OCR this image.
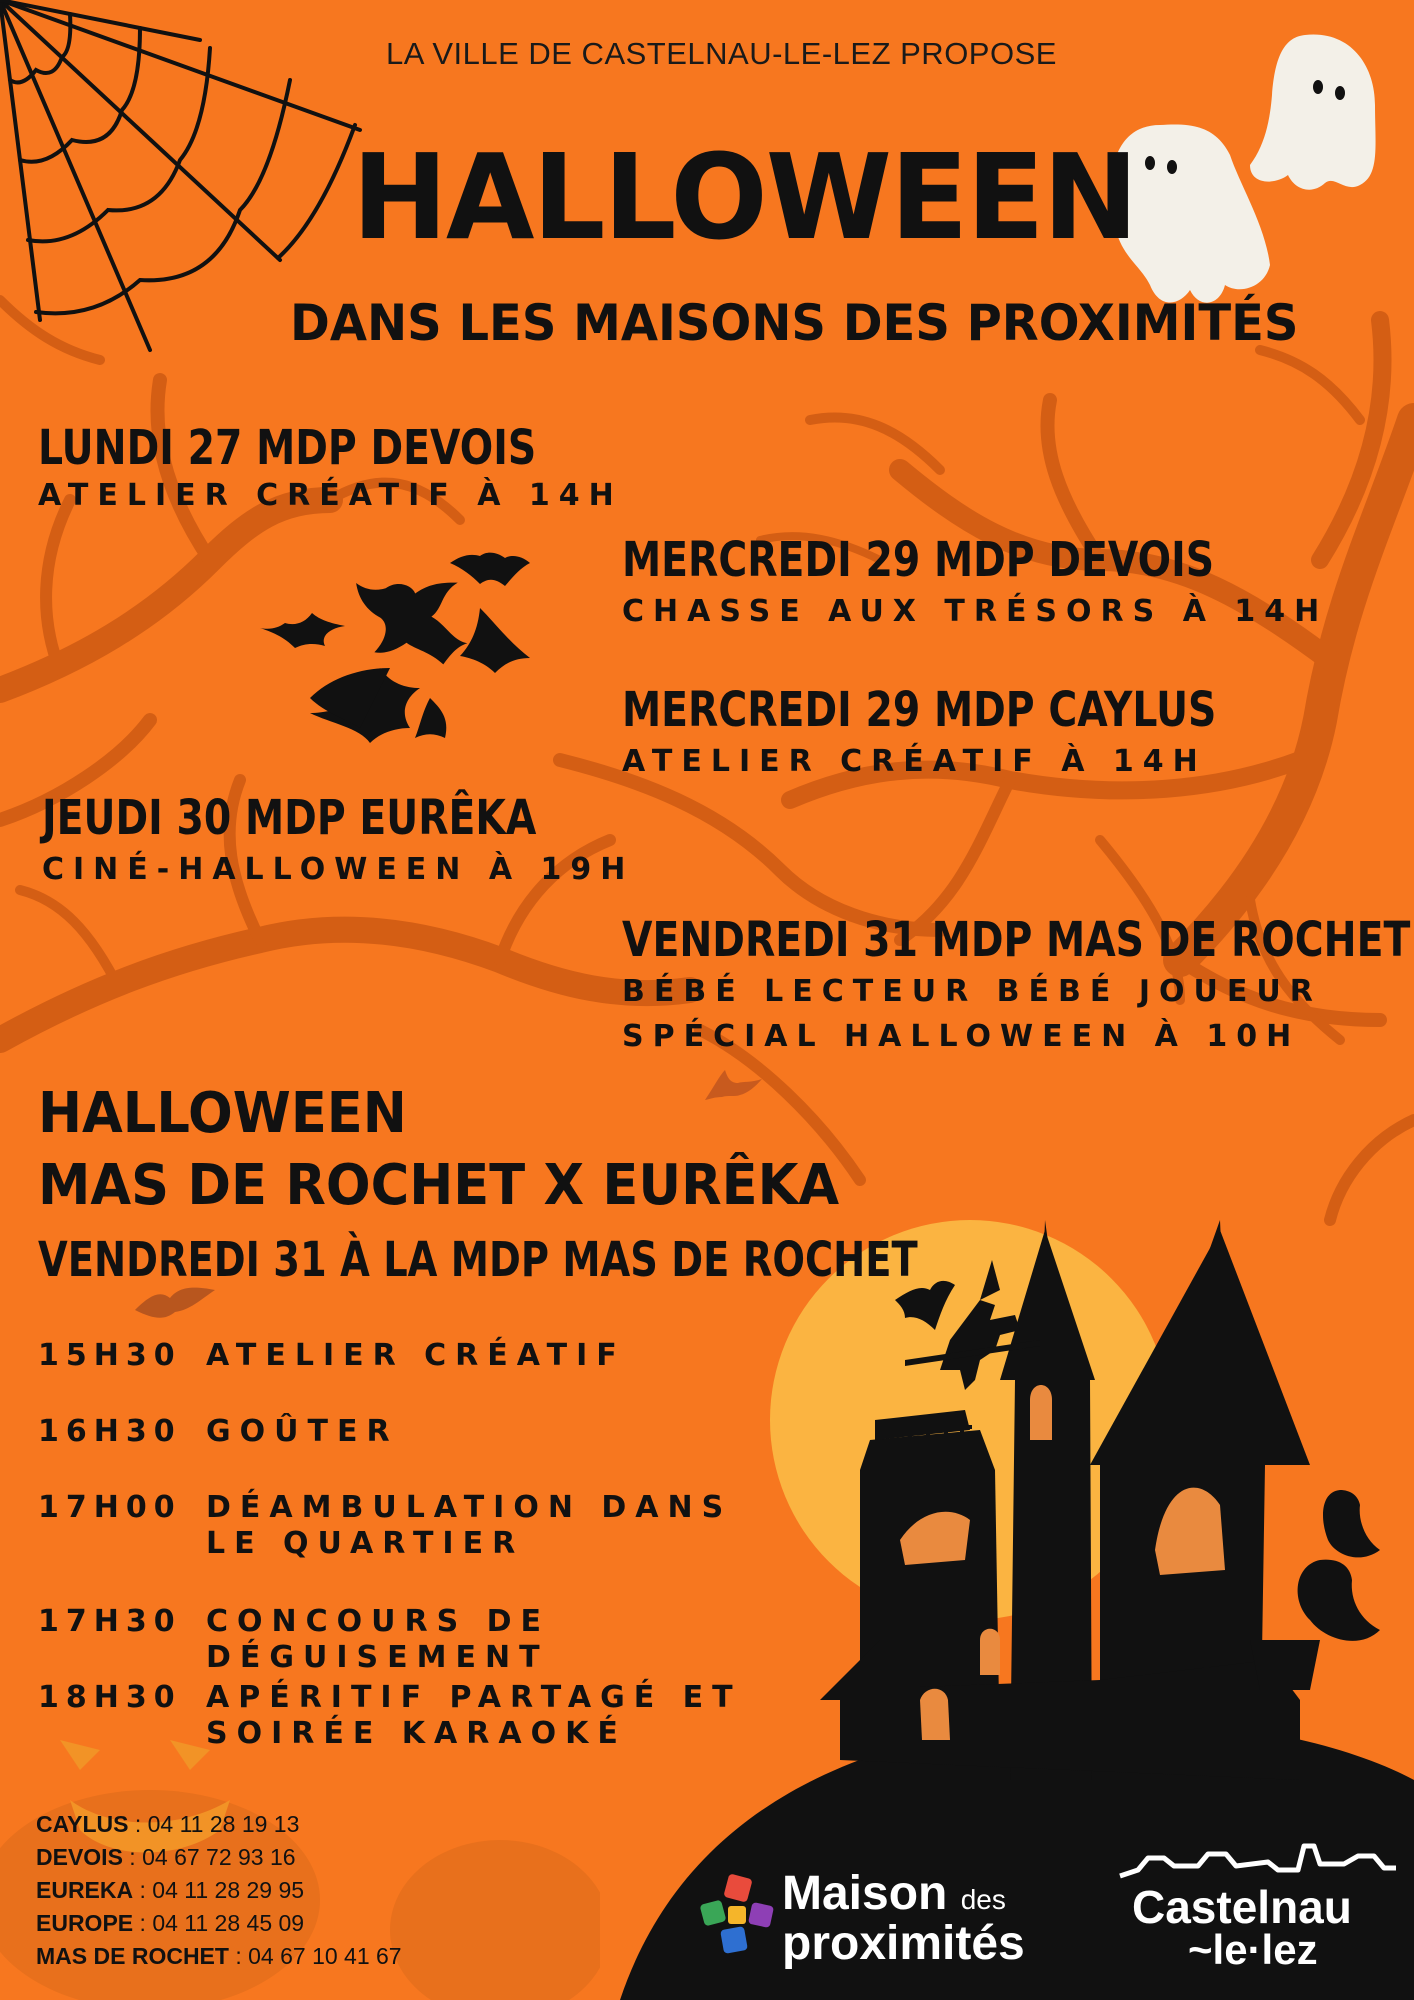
LA VILLE DE CASTELNAU-LE-LEZ PROPOSE
HALLOWEEN
DANS LES MAISONS DES PROXIMITÉS
LUNDI 27 MDP DEVOIS
ATELIER CRÉATIF À 14H
MERCREDI 29 MDP DEVOIS
CHASSE AUX TRÉSORS À 14H
MERCREDI 29 MDP CAYLUS
ATELIER CRÉATIF À 14H
JEUDI 30 MDP EURÊKA
CINÉ-HALLOWEEN À 19H
VENDREDI 31 MDP MAS DE ROCHET
BÉBÉ LECTEUR BÉBÉ JOUEUR
SPÉCIAL HALLOWEEN À 10H
HALLOWEEN
MAS DE ROCHET X EURÊKA
VENDREDI 31 À LA MDP MAS DE ROCHET
15H30 ATELIER CRÉATIF
16H30 GOÛTER
17H00 DÉAMBULATION DANS LE QUARTIER
17H30 CONCOURS DE DÉGUISEMENT
18H30 APÉRITIF PARTAGÉ ET SOIRÉE KARAOKÉ
CAYLUS : 04 11 28 19 13
DEVOIS : 04 67 72 93 16
EUREKA : 04 11 28 29 95
EUROPE : 04 11 28 45 09
MAS DE ROCHET : 04 67 10 41 67
Maison des
proximités
Castelnau
~le·lez
